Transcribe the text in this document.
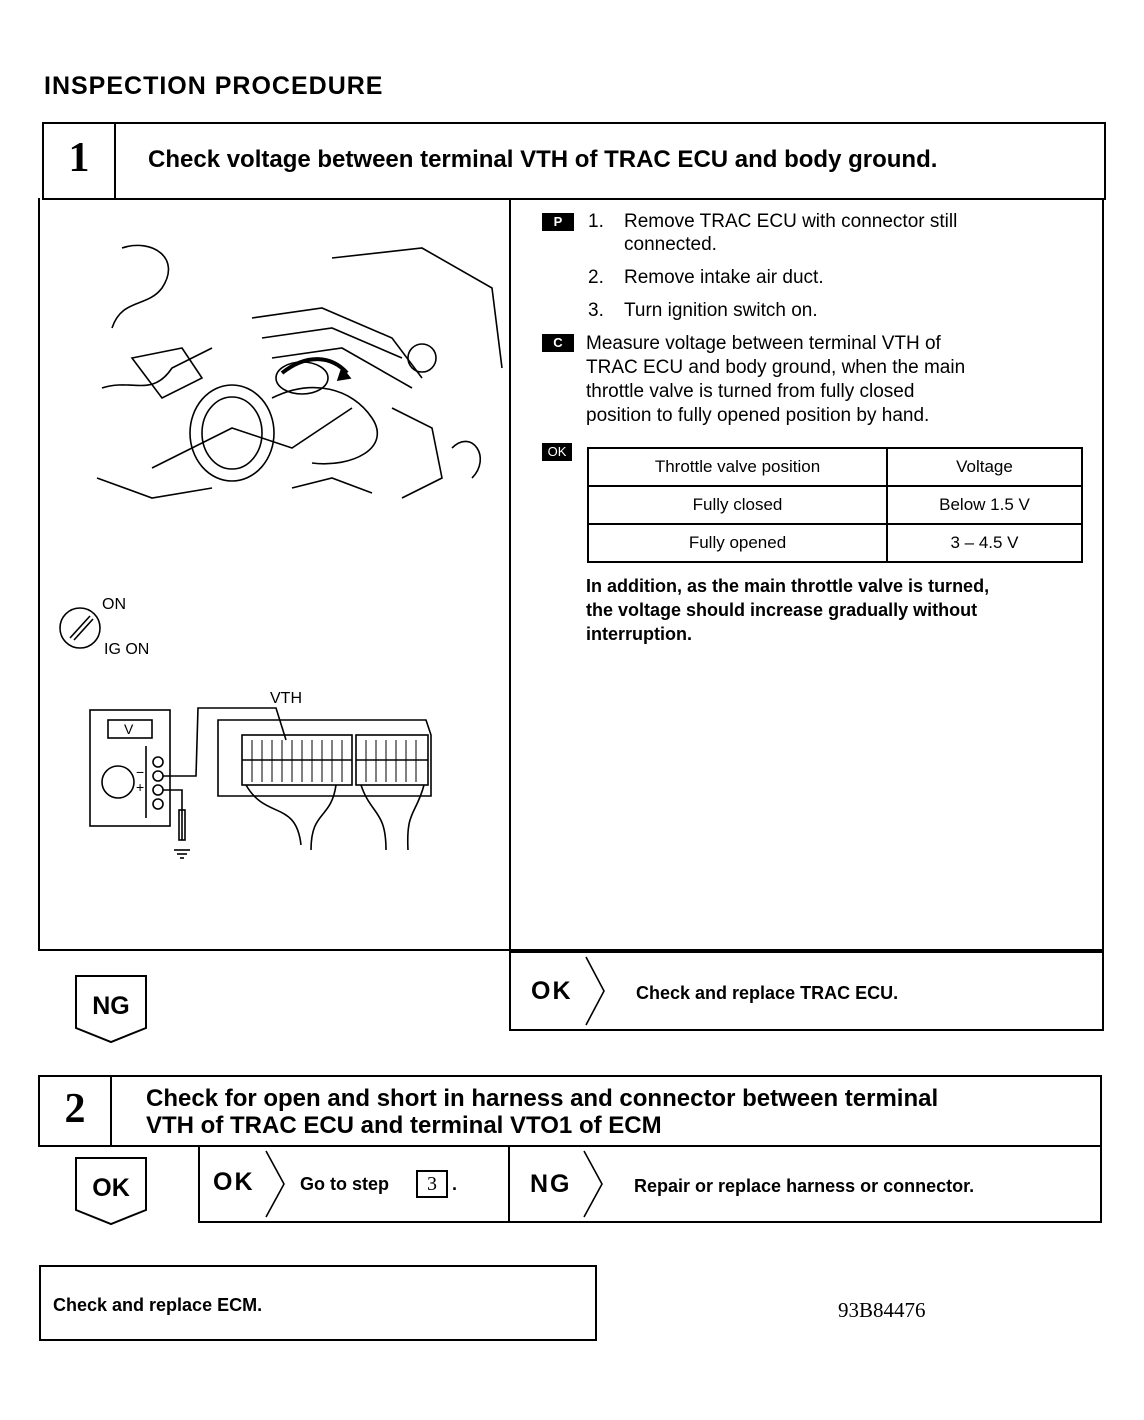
INSPECTION PROCEDURE
1	Check voltage between terminal VTH of TRAC ECU and body ground.
ON
IG ON
VTH
V
−
+
P	1. Remove TRAC ECU with connector still
connected.
2. Remove intake air duct.
3. Turn ignition switch on.
C	Measure voltage between terminal VTH of
TRAC ECU and body ground, when the main
throttle valve is turned from fully closed
position to fully opened position by hand.
OK
Throttle valve position	Voltage
Fully closed	Below 1.5 V
Fully opened	3 – 4.5 V
In addition, as the main throttle valve is turned,
the voltage should increase gradually without
interruption.
NG
OK	Check and replace TRAC ECU.
2	Check for open and short in harness and connector between terminal
VTH of TRAC ECU and terminal VTO1 of ECM
OK	OK	Go to step	3 .	NG	Repair or replace harness or connector.
Check and replace ECM.	93B84476
